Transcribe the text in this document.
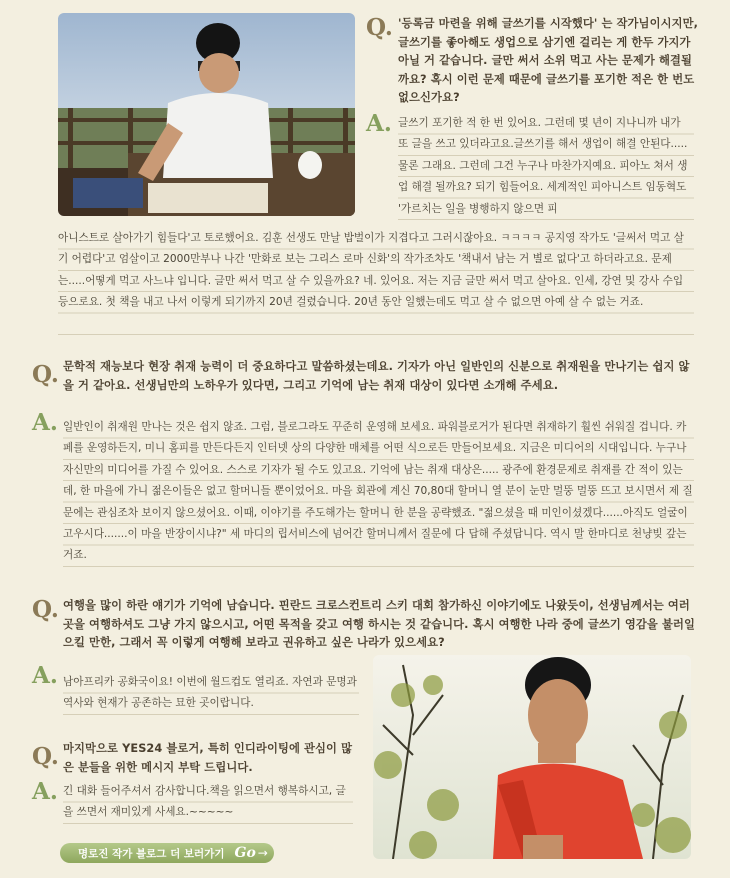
Q. '등록금 마련을 위해 글쓰기를 시작했다' 는 작가님이시지만, 글쓰기를 좋아해도 생업으로 삼기엔 걸리는 게 한두 가지가 아닐 거 같습니다. 글만 써서 소위 먹고 사는 문제가 해결될까요? 혹시 이런 문제 때문에 글쓰기를 포기한 적은 한 번도 없으신가요?
A. 글쓰기 포기한 적 한 번 있어요. 그런데 몇 년이 지나니까 내가 또 글을 쓰고 있더라고요.글쓰기를 해서 생업이 해결 안된다.....물론 그래요. 그런데 그건 누구나 마찬가지예요. 피아노 쳐서 생업 해결 될까요? 되기 힘들어요. 세계적인 피아니스트 임동혁도 '가르치는 일을 병행하지 않으면 피
아니스트로 살아가기 힘들다'고 토로했어요. 김훈 선생도 만날 밥벌이가 지겹다고 그러시잖아요. ㅋㅋㅋㅋ 공지영 작가도 '글써서 먹고 살기 어렵다'고 엄살이고 2000만부나 나간 '만화로 보는 그리스 로마 신화'의 작가조차도 '책내서 남는 거 별로 없다'고 하더라고요. 문제는.....어떻게 먹고 사느냐 입니다. 글만 써서 먹고 살 수 있을까요? 네. 있어요. 저는 지금 글만 써서 먹고 살아요. 인세, 강연 및 강사 수입 등으로요. 첫 책을 내고 나서 이렇게 되기까지 20년 걸렸습니다. 20년 동안 일했는데도 먹고 살 수 없으면 아예 살 수 없는 거죠.
Q. 문학적 재능보다 현장 취재 능력이 더 중요하다고 말씀하셨는데요. 기자가 아닌 일반인의 신분으로 취재원을 만나기는 쉽지 않을 거 같아요. 선생님만의 노하우가 있다면, 그리고 기억에 남는 취재 대상이 있다면 소개해 주세요.
A. 일반인이 취재원 만나는 것은 쉽지 않죠. 그럼, 블로그라도 꾸준히 운영해 보세요. 파워블로거가 된다면 취재하기 훨씬 쉬워질 겁니다. 카페를 운영하든지, 미니 홈피를 만든다든지 인터넷 상의 다양한 매체를 어떤 식으로든 만들어보세요. 지금은 미디어의 시대입니다. 누구나 자신만의 미디어를 가질 수 있어요. 스스로 기자가 될 수도 있고요. 기억에 남는 취재 대상은..... 광주에 환경문제로 취재를 간 적이 있는데, 한 마을에 가니 젊은이들은 없고 할머니들 뿐이었어요. 마을 회관에 계신 70,80대 할머니 열 분이 눈만 멀뚱 멀뚱 뜨고 보시면서 제 질문에는 관심조차 보이지 않으셨어요. 이때, 이야기를 주도해가는 할머니 한 분을 공략했죠. "젊으셨을 때 미인이셨겠다......아직도 얼굴이 고우시다.......이 마을 반장이시냐?" 세 마디의 립서비스에 넘어간 할머니께서 질문에 다 답해 주셨답니다. 역시 말 한마디로 천냥빚 갚는 거죠.
Q. 여행을 많이 하란 얘기가 기억에 남습니다. 핀란드 크로스컨트리 스키 대회 참가하신 이야기에도 나왔듯이, 선생님께서는 여러 곳을 여행하셔도 그냥 가지 않으시고, 어떤 목적을 갖고 여행 하시는 것 같습니다. 혹시 여행한 나라 중에 글쓰기 영감을 불러일으킬 만한, 그래서 꼭 이렇게 여행해 보라고 권유하고 싶은 나라가 있으세요?
A. 남아프리카 공화국이요! 이번에 월드컵도 열리죠. 자연과 문명과 역사와 현재가 공존하는 묘한 곳이랍니다.
Q. 마지막으로 YES24 블로거, 특히 인디라이팅에 관심이 많은 분들을 위한 메시지 부탁 드립니다.
A. 긴 대화 들어주셔서 감사합니다.책을 읽으면서 행복하시고, 글을 쓰면서 재미있게 사세요.~~~~~
명로진 작가 블로그 더 보러가기 Go →
